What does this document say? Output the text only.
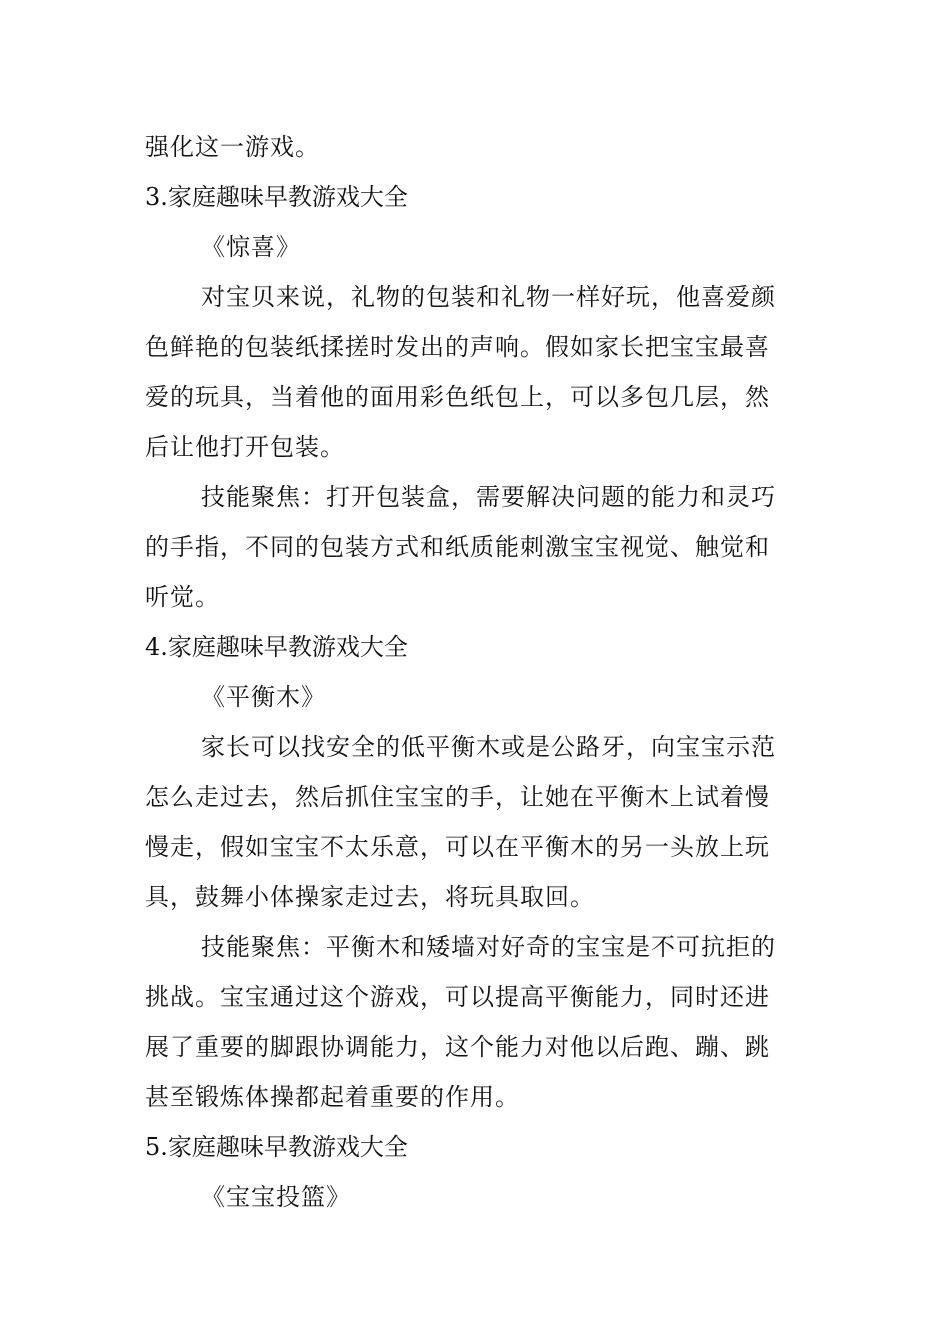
强化这一游戏。
3.家庭趣味早教游戏大全
《惊喜》
对宝贝来说，礼物的包装和礼物一样好玩，他喜爱颜
色鲜艳的包装纸揉搓时发出的声响。假如家长把宝宝最喜
爱的玩具，当着他的面用彩色纸包上，可以多包几层，然
后让他打开包装。
技能聚焦：打开包装盒，需要解决问题的能力和灵巧
的手指，不同的包装方式和纸质能刺激宝宝视觉、触觉和
听觉。
4.家庭趣味早教游戏大全
《平衡木》
家长可以找安全的低平衡木或是公路牙，向宝宝示范
怎么走过去，然后抓住宝宝的手，让她在平衡木上试着慢
慢走，假如宝宝不太乐意，可以在平衡木的另一头放上玩
具，鼓舞小体操家走过去，将玩具取回。
技能聚焦：平衡木和矮墙对好奇的宝宝是不可抗拒的
挑战。宝宝通过这个游戏，可以提高平衡能力，同时还进
展了重要的脚跟协调能力，这个能力对他以后跑、蹦、跳
甚至锻炼体操都起着重要的作用。
5.家庭趣味早教游戏大全
《宝宝投篮》
